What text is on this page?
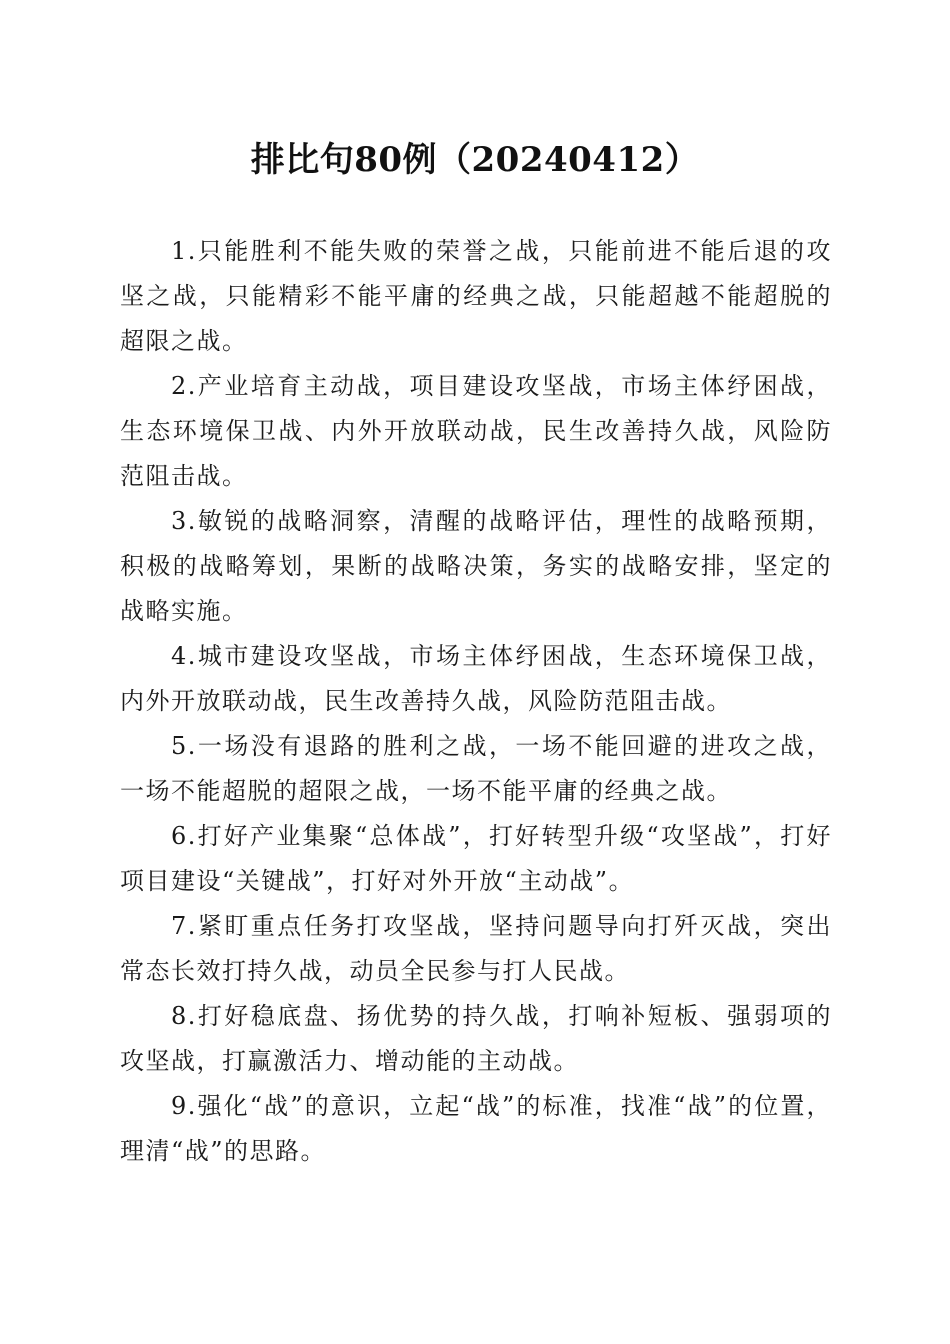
排比句80例（20240412）

1.只能胜利不能失败的荣誉之战，只能前进不能后退的攻坚之战，只能精彩不能平庸的经典之战，只能超越不能超脱的超限之战。

2.产业培育主动战，项目建设攻坚战，市场主体纾困战，生态环境保卫战、内外开放联动战，民生改善持久战，风险防范阻击战。

3.敏锐的战略洞察，清醒的战略评估，理性的战略预期，积极的战略筹划，果断的战略决策，务实的战略安排，坚定的战略实施。

4.城市建设攻坚战，市场主体纾困战，生态环境保卫战，内外开放联动战，民生改善持久战，风险防范阻击战。

5.一场没有退路的胜利之战，一场不能回避的进攻之战，一场不能超脱的超限之战，一场不能平庸的经典之战。

6.打好产业集聚“总体战”，打好转型升级“攻坚战”，打好项目建设“关键战”，打好对外开放“主动战”。

7.紧盯重点任务打攻坚战，坚持问题导向打歼灭战，突出常态长效打持久战，动员全民参与打人民战。

8.打好稳底盘、扬优势的持久战，打响补短板、强弱项的攻坚战，打赢激活力、增动能的主动战。

9.强化“战”的意识，立起“战”的标准，找准“战”的位置，理清“战”的思路。
